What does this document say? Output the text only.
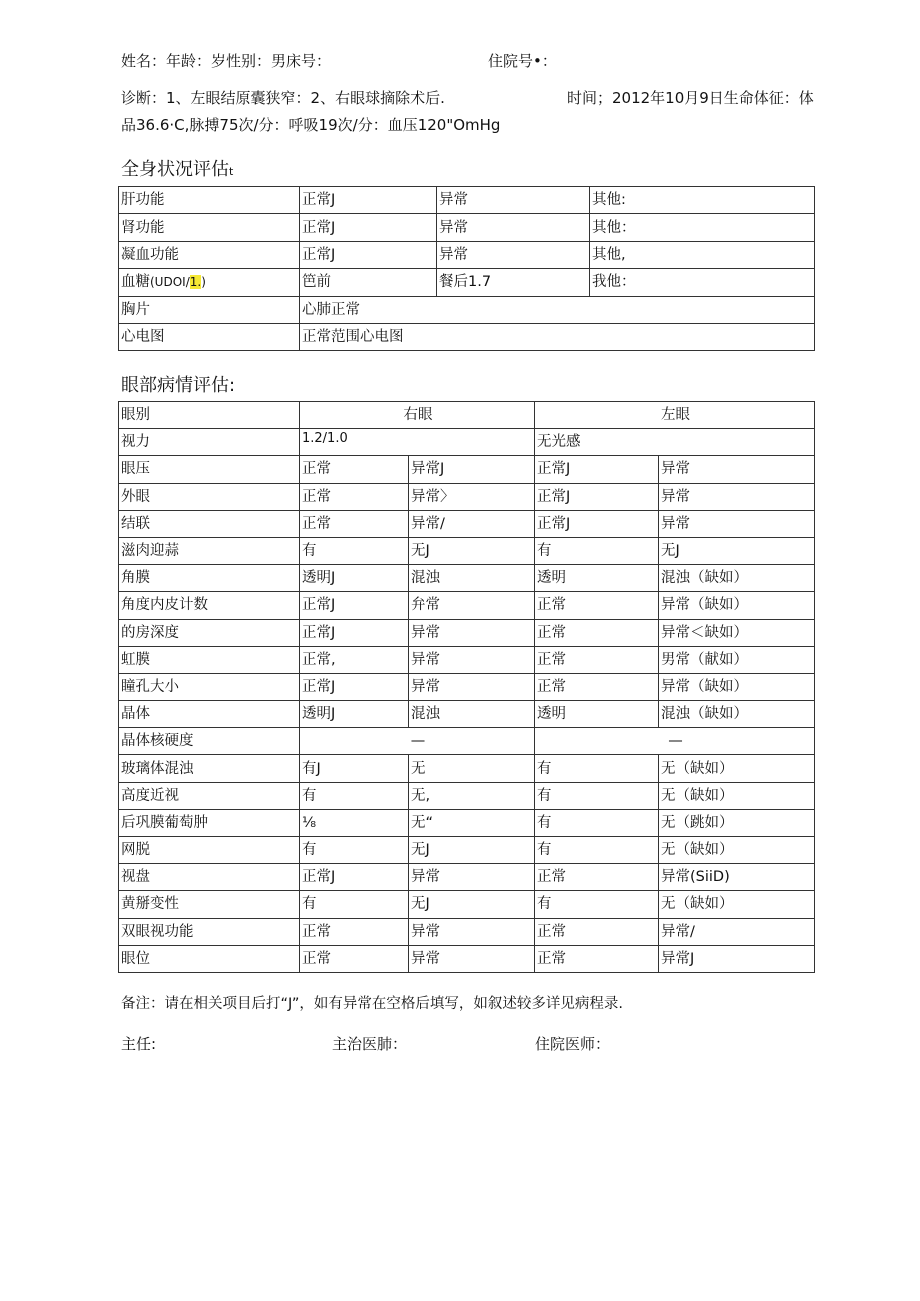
姓名：年龄：岁性别：男床号：	住院号•：
诊断：1、左眼结原囊狭窄：2、右眼球摘除术后.	时间；2012年10月9日生命体征：体
品36.6·C,脉搏75次/分：呼吸19次/分：血压120"OmHg
全身状况评估t
肝功能	正常J	异常	其他:
肾功能	正常J	异常	其他：
凝血功能	正常J	异常	其他,
血糖(UDOI/1.)	笆前	餐后1.7	我他：
胸片	心肺正常		
心电图	正常范围心电图		
眼部病情评估:
眼别	右眼		左眼	
视力	1.2/1.0		无光感	
眼压	正常	异常J	正常J	异常
外眼	正常	异常〉	正常J	异常
结联	正常	异常/	正常J	异常
滋肉迎蒜	有	无J	有	无J
角膜	透明J	混浊	透明	混浊（缺如）
角度内皮计数	正常J	弁常	正常	异常（缺如）
的房深度	正常J	异常	正常	异常＜缺如）
虹膜	正常,	异常	正常	男常（献如）
瞳孔大小	正常J	异常	正常	异常（缺如）
晶体	透明J	混浊	透明	混浊（缺如）
晶体核硬度	—		—	
玻璃体混浊	有J	无	有	无（缺如）
高度近视	有	无,	有	无（缺如）
后巩膜葡萄肿	⅛	无“	有	无（跳如）
网脱	有	无J	有	无（缺如）
视盘	正常J	异常	正常	异常(SiiD)
黄掰变性	有	无J	有	无（缺如）
双眼视功能	正常	异常	正常	异常/
眼位	正常	异常	正常	异常J
备注：请在相关项目后打“J”，如有异常在空格后填写，如叙述较多详见病程录.
主任:	主治医肺：	住院医师：
